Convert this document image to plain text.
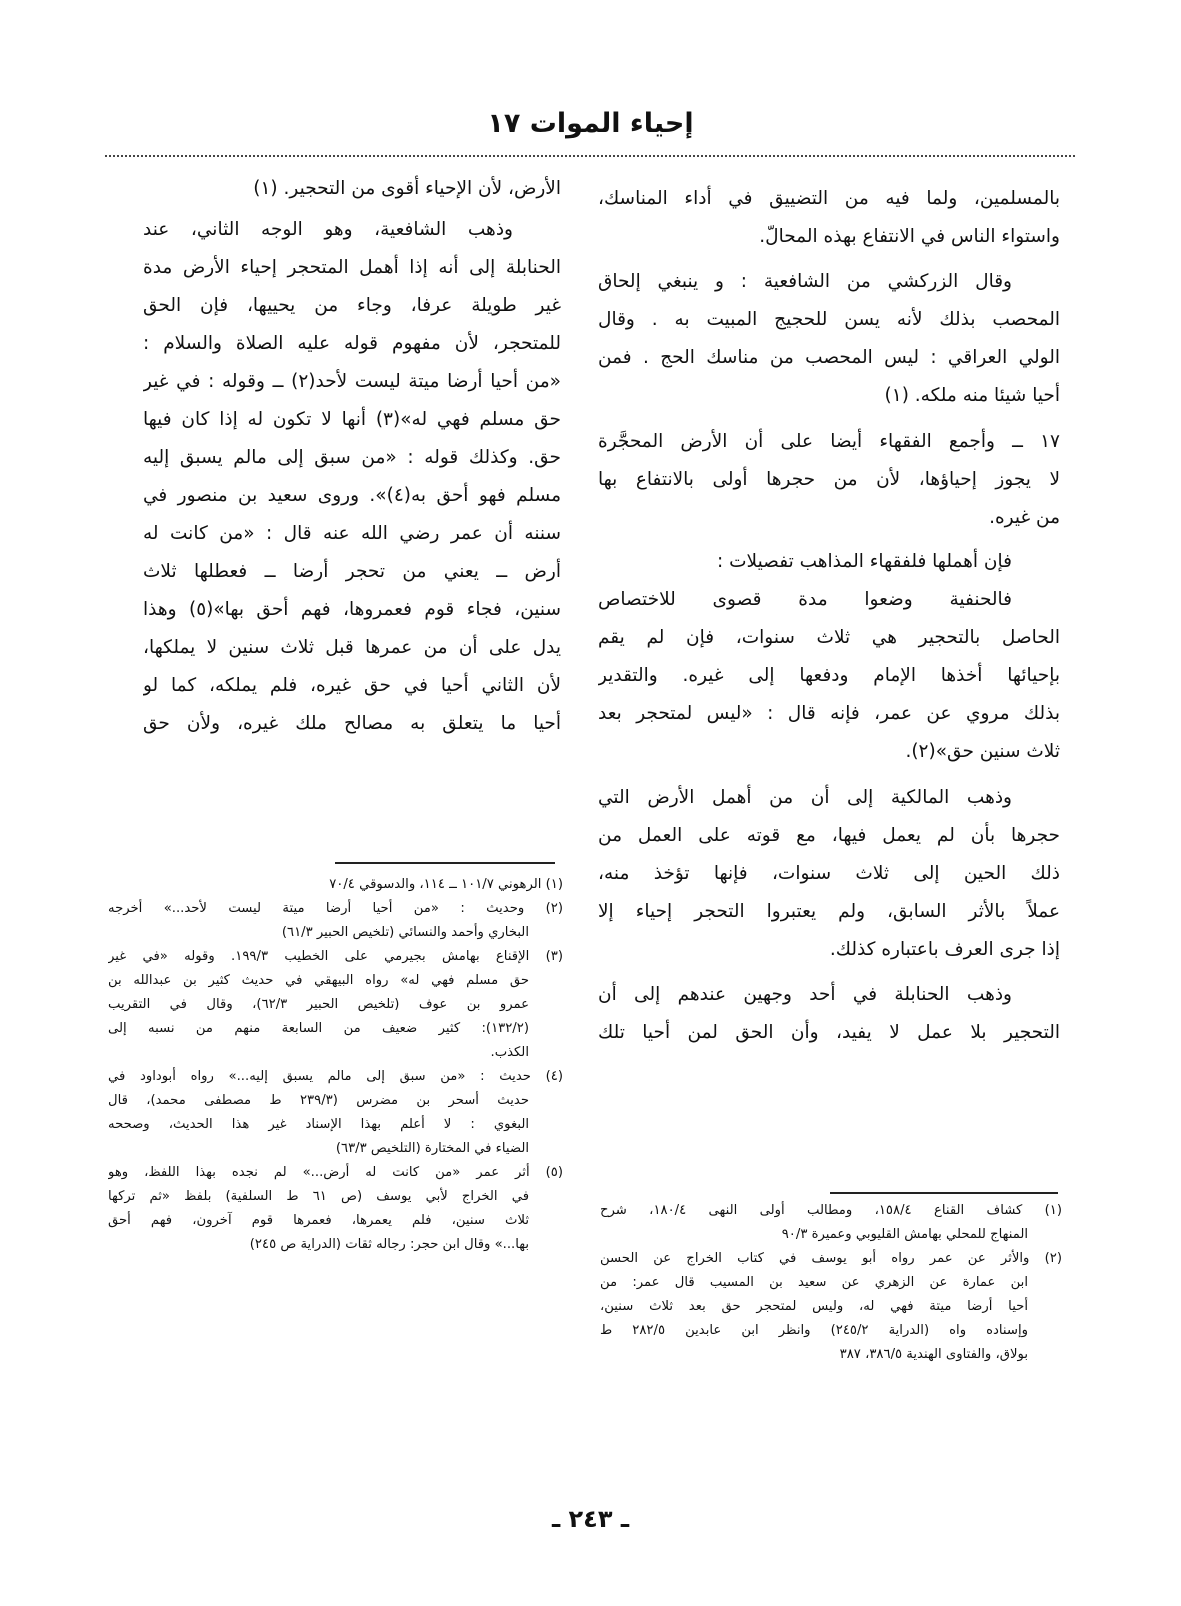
إحياء الموات ١٧
بالمسلمين، ولما فيه من التضييق في أداء المناسك،
واستواء الناس في الانتفاع بهذه المحالّ.
وقال الزركشي من الشافعية : و ينبغي إلحاق
المحصب بذلك لأنه يسن للحجيج المبيت به . وقال
الولي العراقي : ليس المحصب من مناسك الحج . فمن
أحيا شيئا منه ملكه. (١)
١٧ ــ وأجمع الفقهاء أيضا على أن الأرض المحجَّرة
لا يجوز إحياؤها، لأن من حجرها أولى بالانتفاع بها
من غيره.
فإن أهملها فلفقهاء المذاهب تفصيلات :
فالحنفية وضعوا مدة قصوى للاختصاص
الحاصل بالتحجير هي ثلاث سنوات، فإن لم يقم
بإحيائها أخذها الإمام ودفعها إلى غيره. والتقدير
بذلك مروي عن عمر، فإنه قال : «ليس لمتحجر بعد
ثلاث سنين حق»(٢).
وذهب المالكية إلى أن من أهمل الأرض التي
حجرها بأن لم يعمل فيها، مع قوته على العمل من
ذلك الحين إلى ثلاث سنوات، فإنها تؤخذ منه،
عملاً بالأثر السابق، ولم يعتبروا التحجر إحياء إلا
إذا جرى العرف باعتباره كذلك.
وذهب الحنابلة في أحد وجهين عندهم إلى أن
التحجير بلا عمل لا يفيد، وأن الحق لمن أحيا تلك
الأرض، لأن الإحياء أقوى من التحجير. (١)
وذهب الشافعية، وهو الوجه الثاني، عند
الحنابلة إلى أنه إذا أهمل المتحجر إحياء الأرض مدة
غير طويلة عرفا، وجاء من يحييها، فإن الحق
للمتحجر، لأن مفهوم قوله عليه الصلاة والسلام :
«من أحيا أرضا ميتة ليست لأحد(٢) ــ وقوله : في غير
حق مسلم فهي له»(٣) أنها لا تكون له إذا كان فيها
حق. وكذلك قوله : «من سبق إلى مالم يسبق إليه
مسلم فهو أحق به(٤)». وروى سعيد بن منصور في
سننه أن عمر رضي الله عنه قال : «من كانت له
أرض ــ يعني من تحجر أرضا ــ فعطلها ثلاث
سنين، فجاء قوم فعمروها، فهم أحق بها»(٥) وهذا
يدل على أن من عمرها قبل ثلاث سنين لا يملكها،
لأن الثاني أحيا في حق غيره، فلم يملكه، كما لو
أحيا ما يتعلق به مصالح ملك غيره، ولأن حق
(١) الرهوني ١٠١/٧ ــ ١١٤، والدسوقي ٧٠/٤
(٢) وحديث : «من أحيا أرضا ميتة ليست لأحد...» أخرجه
البخاري وأحمد والنسائي (تلخيص الحبير ٦١/٣)
(٣) الإقناع بهامش بجيرمي على الخطيب ١٩٩/٣. وقوله «في غير
حق مسلم فهي له» رواه البيهقي في حديث كثير بن عبدالله بن
عمرو بن عوف (تلخيص الحبير ٦٢/٣)، وقال في التقريب
(١٣٢/٢): كثير ضعيف من السابعة منهم من نسبه إلى
الكذب.
(٤) حديث : «من سبق إلى مالم يسبق إليه...» رواه أبوداود في
حديث أسحر بن مضرس (٢٣٩/٣ ط مصطفى محمد)، قال
البغوي : لا أعلم بهذا الإسناد غير هذا الحديث، وصححه
الضياء في المختارة (التلخيص ٦٣/٣)
(٥) أثر عمر «من كانت له أرض...» لم نجده بهذا اللفظ، وهو
في الخراج لأبي يوسف (ص ٦١ ط السلفية) بلفظ «ثم تركها
ثلاث سنين، فلم يعمرها، فعمرها قوم آخرون، فهم أحق
بها...» وقال ابن حجر: رجاله ثقات (الدراية ص ٢٤٥)
(١) كشاف القناع ١٥٨/٤، ومطالب أولى النهى ١٨٠/٤، شرح
المنهاج للمحلي بهامش القليوبي وعميرة ٩٠/٣
(٢) والأثر عن عمر رواه أبو يوسف في كتاب الخراج عن الحسن
ابن عمارة عن الزهري عن سعيد بن المسيب قال عمر: من
أحيا أرضا ميتة فهي له، وليس لمتحجر حق بعد ثلاث سنين،
وإسناده واه (الدراية ٢٤٥/٢) وانظر ابن عابدين ٢٨٢/٥ ط
بولاق، والفتاوى الهندية ٣٨٦/٥، ٣٨٧
ـ ٢٤٣ ـ
